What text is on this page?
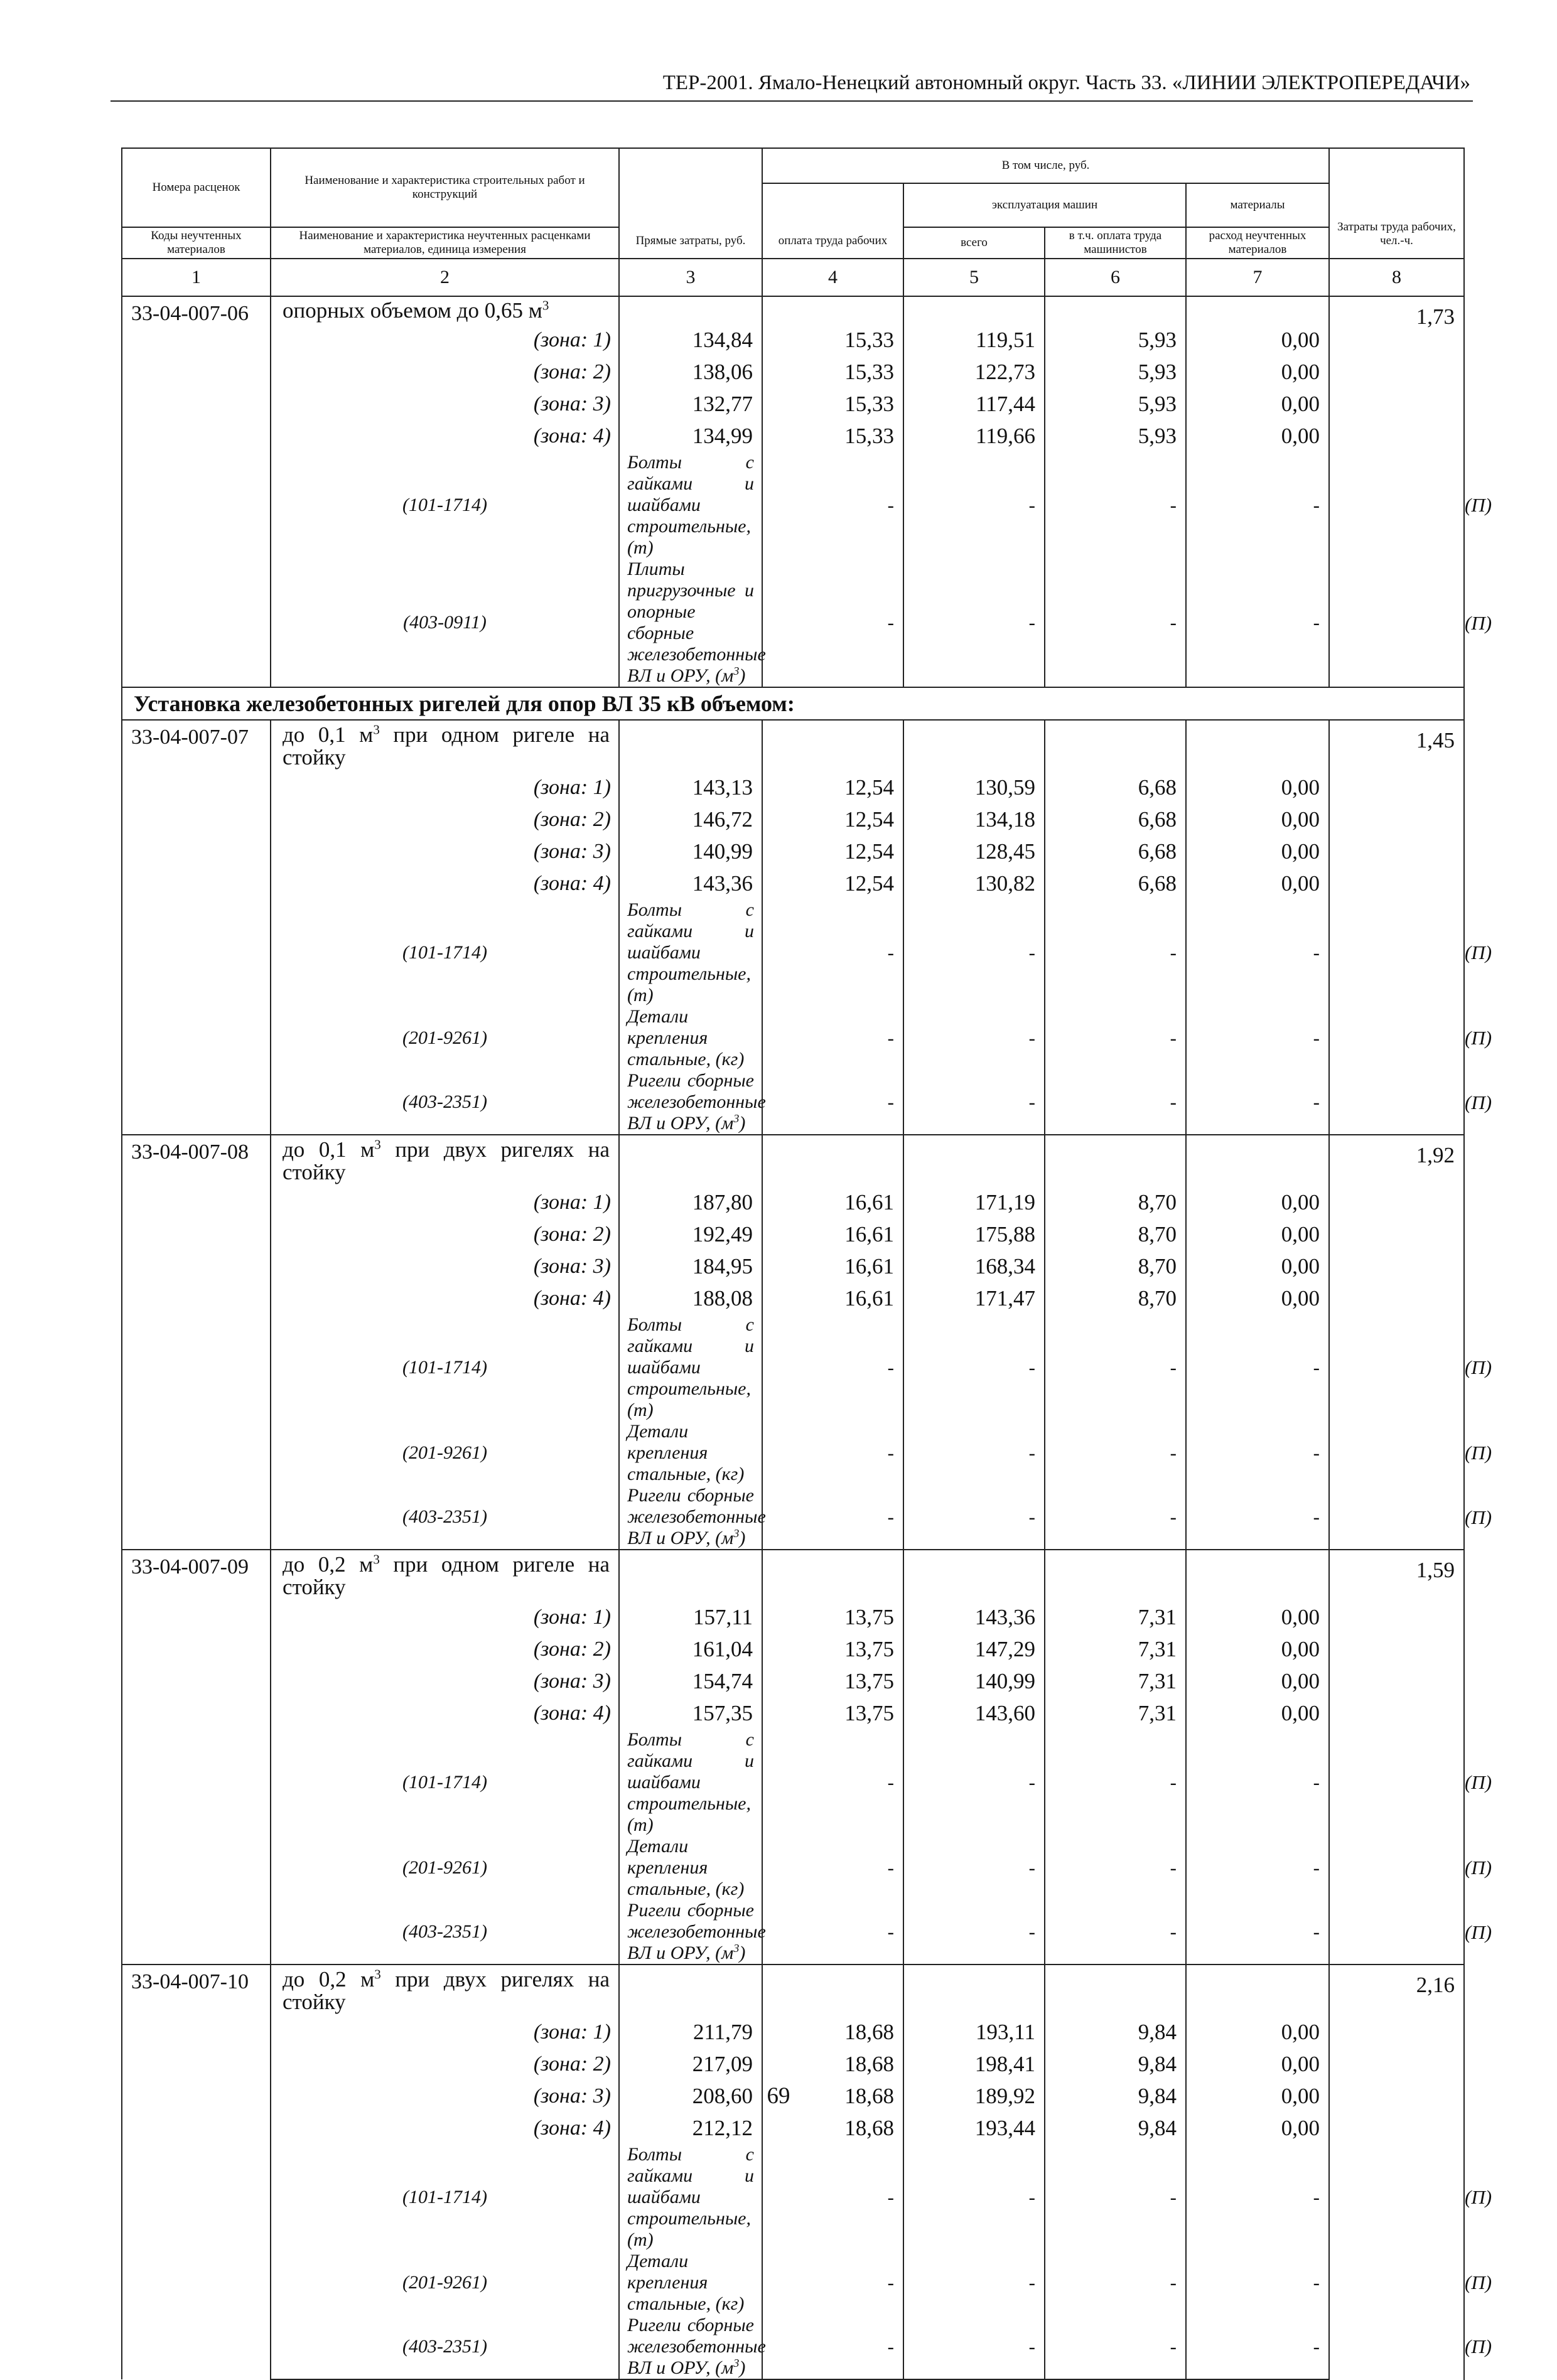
ТЕР-2001. Ямало-Ненецкий автономный округ. Часть 33. «ЛИНИИ ЭЛЕКТРОПЕРЕДАЧИ»
Номера расценок	Наименование и характеристика строительных работ и конструкций	Прямые затраты, руб.	В том числе, руб.				Затраты труда рабочих, чел.-ч.	
			оплата труда рабочих	эксплуатация машин		материалы		
Коды неучтенных материалов	Наименование и характеристика неучтенных расценками материалов, единица измерения			всего	в т.ч. оплата труда машинистов	расход неучтенных материалов		

1	2	3	4	5	6	7	8	
33-04-007-06	опорных объемом до 0,65 $м^3$						1,73	
	(зона: 1)	134,84	15,33	119,51	5,93	0,00		
	(зона: 2)	138,06	15,33	122,73	5,93	0,00		
	(зона: 3)	132,77	15,33	117,44	5,93	0,00		
	(зона: 4)	134,99	15,33	119,66	5,93	0,00		
	(101-1714)	Болты с гайками и шайбами строительные, (т)	-	-	-	-		(П)
	(403-0911)	Плиты пригрузочные и опорные сборные железобетонные ВЛ и ОРУ, $(м^3)$	-	-	-	-		(П)
Установка железобетонных ригелей для опор ВЛ 35 кВ объемом:								
33-04-007-07	до 0,1 $м^3$ при одном ригеле на стойку						1,45	
	(зона: 1)	143,13	12,54	130,59	6,68	0,00		
	(зона: 2)	146,72	12,54	134,18	6,68	0,00		
	(зона: 3)	140,99	12,54	128,45	6,68	0,00		
	(зона: 4)	143,36	12,54	130,82	6,68	0,00		
	(101-1714)	Болты с гайками и шайбами строительные, (т)	-	-	-	-		(П)
	(201-9261)	Детали крепления стальные, (кг)	-	-	-	-		(П)
	(403-2351)	Ригели сборные железобетонные ВЛ и ОРУ, $(м^3)$	-	-	-	-		(П)
33-04-007-08	до 0,1 $м^3$ при двух ригелях на стойку						1,92	
	(зона: 1)	187,80	16,61	171,19	8,70	0,00		
	(зона: 2)	192,49	16,61	175,88	8,70	0,00		
	(зона: 3)	184,95	16,61	168,34	8,70	0,00		
	(зона: 4)	188,08	16,61	171,47	8,70	0,00		
	(101-1714)	Болты с гайками и шайбами строительные, (т)	-	-	-	-		(П)
	(201-9261)	Детали крепления стальные, (кг)	-	-	-	-		(П)
	(403-2351)	Ригели сборные железобетонные ВЛ и ОРУ, $(м^3)$	-	-	-	-		(П)
33-04-007-09	до 0,2 $м^3$ при одном ригеле на стойку						1,59	
	(зона: 1)	157,11	13,75	143,36	7,31	0,00		
	(зона: 2)	161,04	13,75	147,29	7,31	0,00		
	(зона: 3)	154,74	13,75	140,99	7,31	0,00		
	(зона: 4)	157,35	13,75	143,60	7,31	0,00		
	(101-1714)	Болты с гайками и шайбами строительные, (т)	-	-	-	-		(П)
	(201-9261)	Детали крепления стальные, (кг)	-	-	-	-		(П)
	(403-2351)	Ригели сборные железобетонные ВЛ и ОРУ, $(м^3)$	-	-	-	-		(П)
33-04-007-10	до 0,2 $м^3$ при двух ригелях на стойку						2,16	
	(зона: 1)	211,79	18,68	193,11	9,84	0,00		
	(зона: 2)	217,09	18,68	198,41	9,84	0,00		
	(зона: 3)	208,60	18,68	189,92	9,84	0,00		
	(зона: 4)	212,12	18,68	193,44	9,84	0,00		
	(101-1714)	Болты с гайками и шайбами строительные, (т)	-	-	-	-		(П)
	(201-9261)	Детали крепления стальные, (кг)	-	-	-	-		(П)
	(403-2351)	Ригели сборные железобетонные ВЛ и ОРУ, $(м^3)$	-	-	-	-		(П)
69
